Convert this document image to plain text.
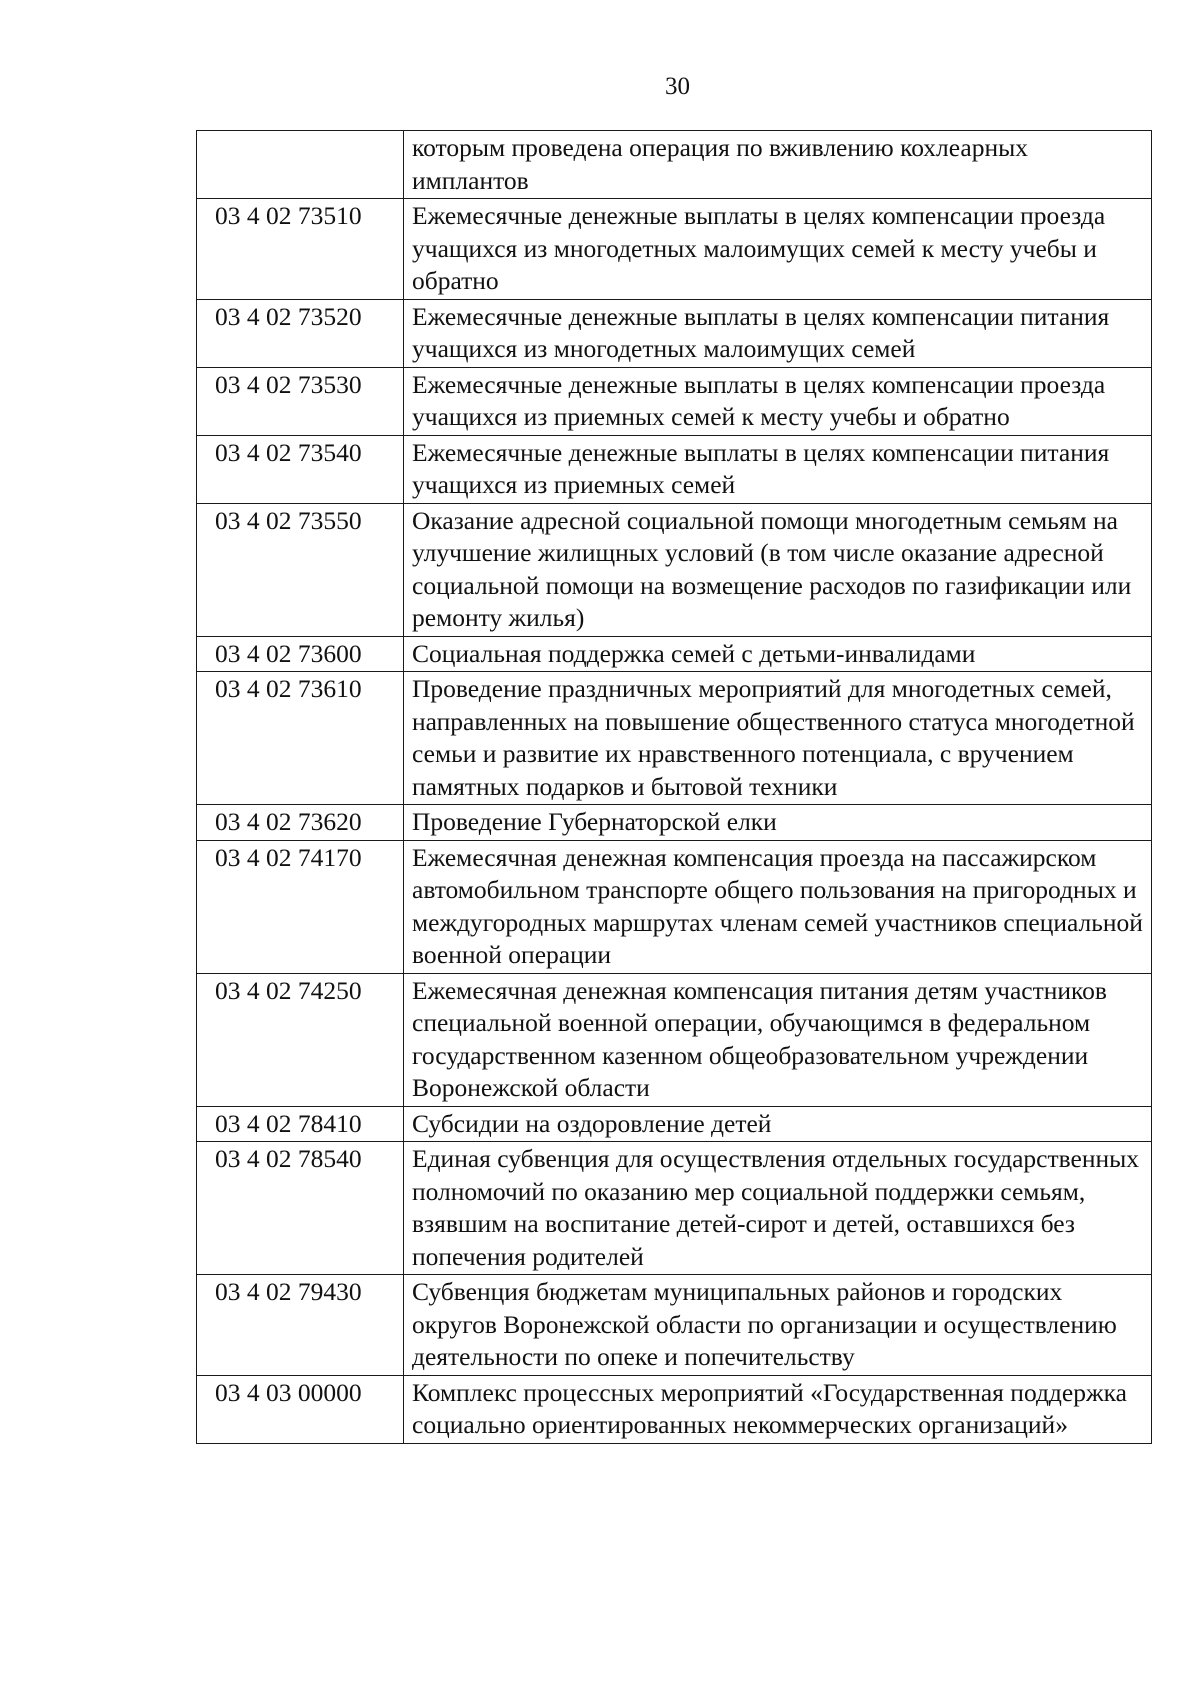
30
	которым проведена операция по вживлению кохлеарных имплантов
03 4 02 73510	Ежемесячные денежные выплаты в целях компенсации проезда учащихся из многодетных малоимущих семей к месту учебы и обратно
03 4 02 73520	Ежемесячные денежные выплаты в целях компенсации питания учащихся из многодетных малоимущих семей
03 4 02 73530	Ежемесячные денежные выплаты в целях компенсации проезда учащихся из приемных семей к месту учебы и обратно
03 4 02 73540	Ежемесячные денежные выплаты в целях компенсации питания учащихся из приемных семей
03 4 02 73550	Оказание адресной социальной помощи многодетным семьям на улучшение жилищных условий (в том числе оказание адресной социальной помощи на возмещение расходов по газификации или ремонту жилья)
03 4 02 73600	Социальная поддержка семей с детьми-инвалидами
03 4 02 73610	Проведение праздничных мероприятий для многодетных семей, направленных на повышение общественного статуса многодетной семьи и развитие их нравственного потенциала, с вручением памятных подарков и бытовой техники
03 4 02 73620	Проведение Губернаторской елки
03 4 02 74170	Ежемесячная денежная компенсация проезда на пассажирском автомобильном транспорте общего пользования на пригородных и междугородных маршрутах членам семей участников специальной военной операции
03 4 02 74250	Ежемесячная денежная компенсация питания детям участников специальной военной операции, обучающимся в федеральном государственном казенном общеобразовательном учреждении Воронежской области
03 4 02 78410	Субсидии на оздоровление детей
03 4 02 78540	Единая субвенция для осуществления отдельных государственных полномочий по оказанию мер социальной поддержки семьям, взявшим на воспитание детей-сирот и детей, оставшихся без попечения родителей
03 4 02 79430	Субвенция бюджетам муниципальных районов и городских округов Воронежской области по организации и осуществлению деятельности по опеке и попечительству
03 4 03 00000	Комплекс процессных мероприятий «Государственная поддержка социально ориентированных некоммерческих организаций»
